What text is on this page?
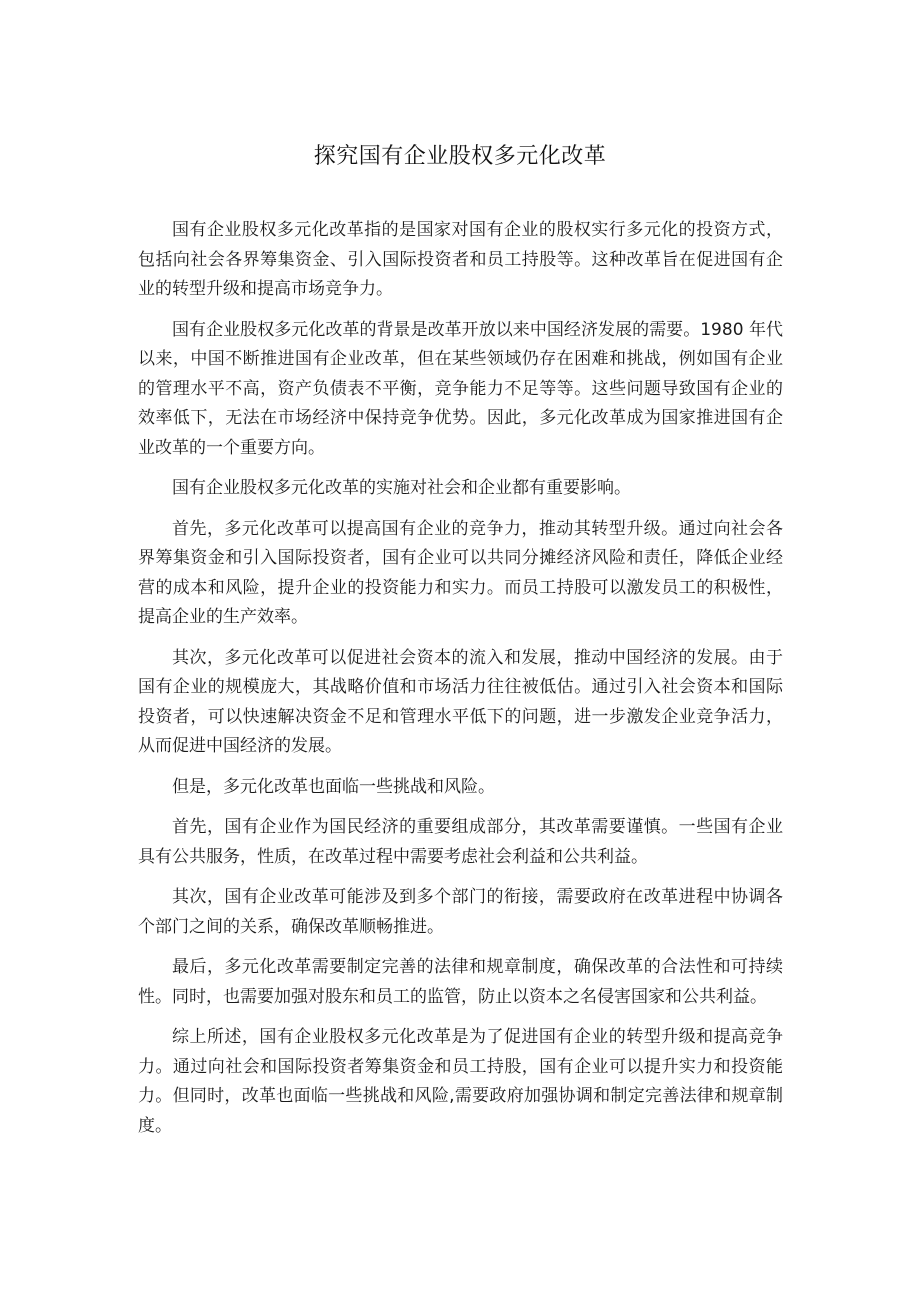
探究国有企业股权多元化改革

国有企业股权多元化改革指的是国家对国有企业的股权实行多元化的投资方式，包括向社会各界筹集资金、引入国际投资者和员工持股等。这种改革旨在促进国有企业的转型升级和提高市场竞争力。

国有企业股权多元化改革的背景是改革开放以来中国经济发展的需要。1980 年代以来，中国不断推进国有企业改革，但在某些领域仍存在困难和挑战，例如国有企业的管理水平不高，资产负债表不平衡，竞争能力不足等等。这些问题导致国有企业的效率低下，无法在市场经济中保持竞争优势。因此，多元化改革成为国家推进国有企业改革的一个重要方向。

国有企业股权多元化改革的实施对社会和企业都有重要影响。

首先，多元化改革可以提高国有企业的竞争力，推动其转型升级。通过向社会各界筹集资金和引入国际投资者，国有企业可以共同分摊经济风险和责任，降低企业经营的成本和风险，提升企业的投资能力和实力。而员工持股可以激发员工的积极性，提高企业的生产效率。

其次，多元化改革可以促进社会资本的流入和发展，推动中国经济的发展。由于国有企业的规模庞大，其战略价值和市场活力往往被低估。通过引入社会资本和国际投资者，可以快速解决资金不足和管理水平低下的问题，进一步激发企业竞争活力，从而促进中国经济的发展。

但是，多元化改革也面临一些挑战和风险。

首先，国有企业作为国民经济的重要组成部分，其改革需要谨慎。一些国有企业具有公共服务，性质，在改革过程中需要考虑社会利益和公共利益。

其次，国有企业改革可能涉及到多个部门的衔接，需要政府在改革进程中协调各个部门之间的关系，确保改革顺畅推进。

最后，多元化改革需要制定完善的法律和规章制度，确保改革的合法性和可持续性。同时，也需要加强对股东和员工的监管，防止以资本之名侵害国家和公共利益。

综上所述，国有企业股权多元化改革是为了促进国有企业的转型升级和提高竞争力。通过向社会和国际投资者筹集资金和员工持股，国有企业可以提升实力和投资能力。但同时，改革也面临一些挑战和风险,需要政府加强协调和制定完善法律和规章制度。
